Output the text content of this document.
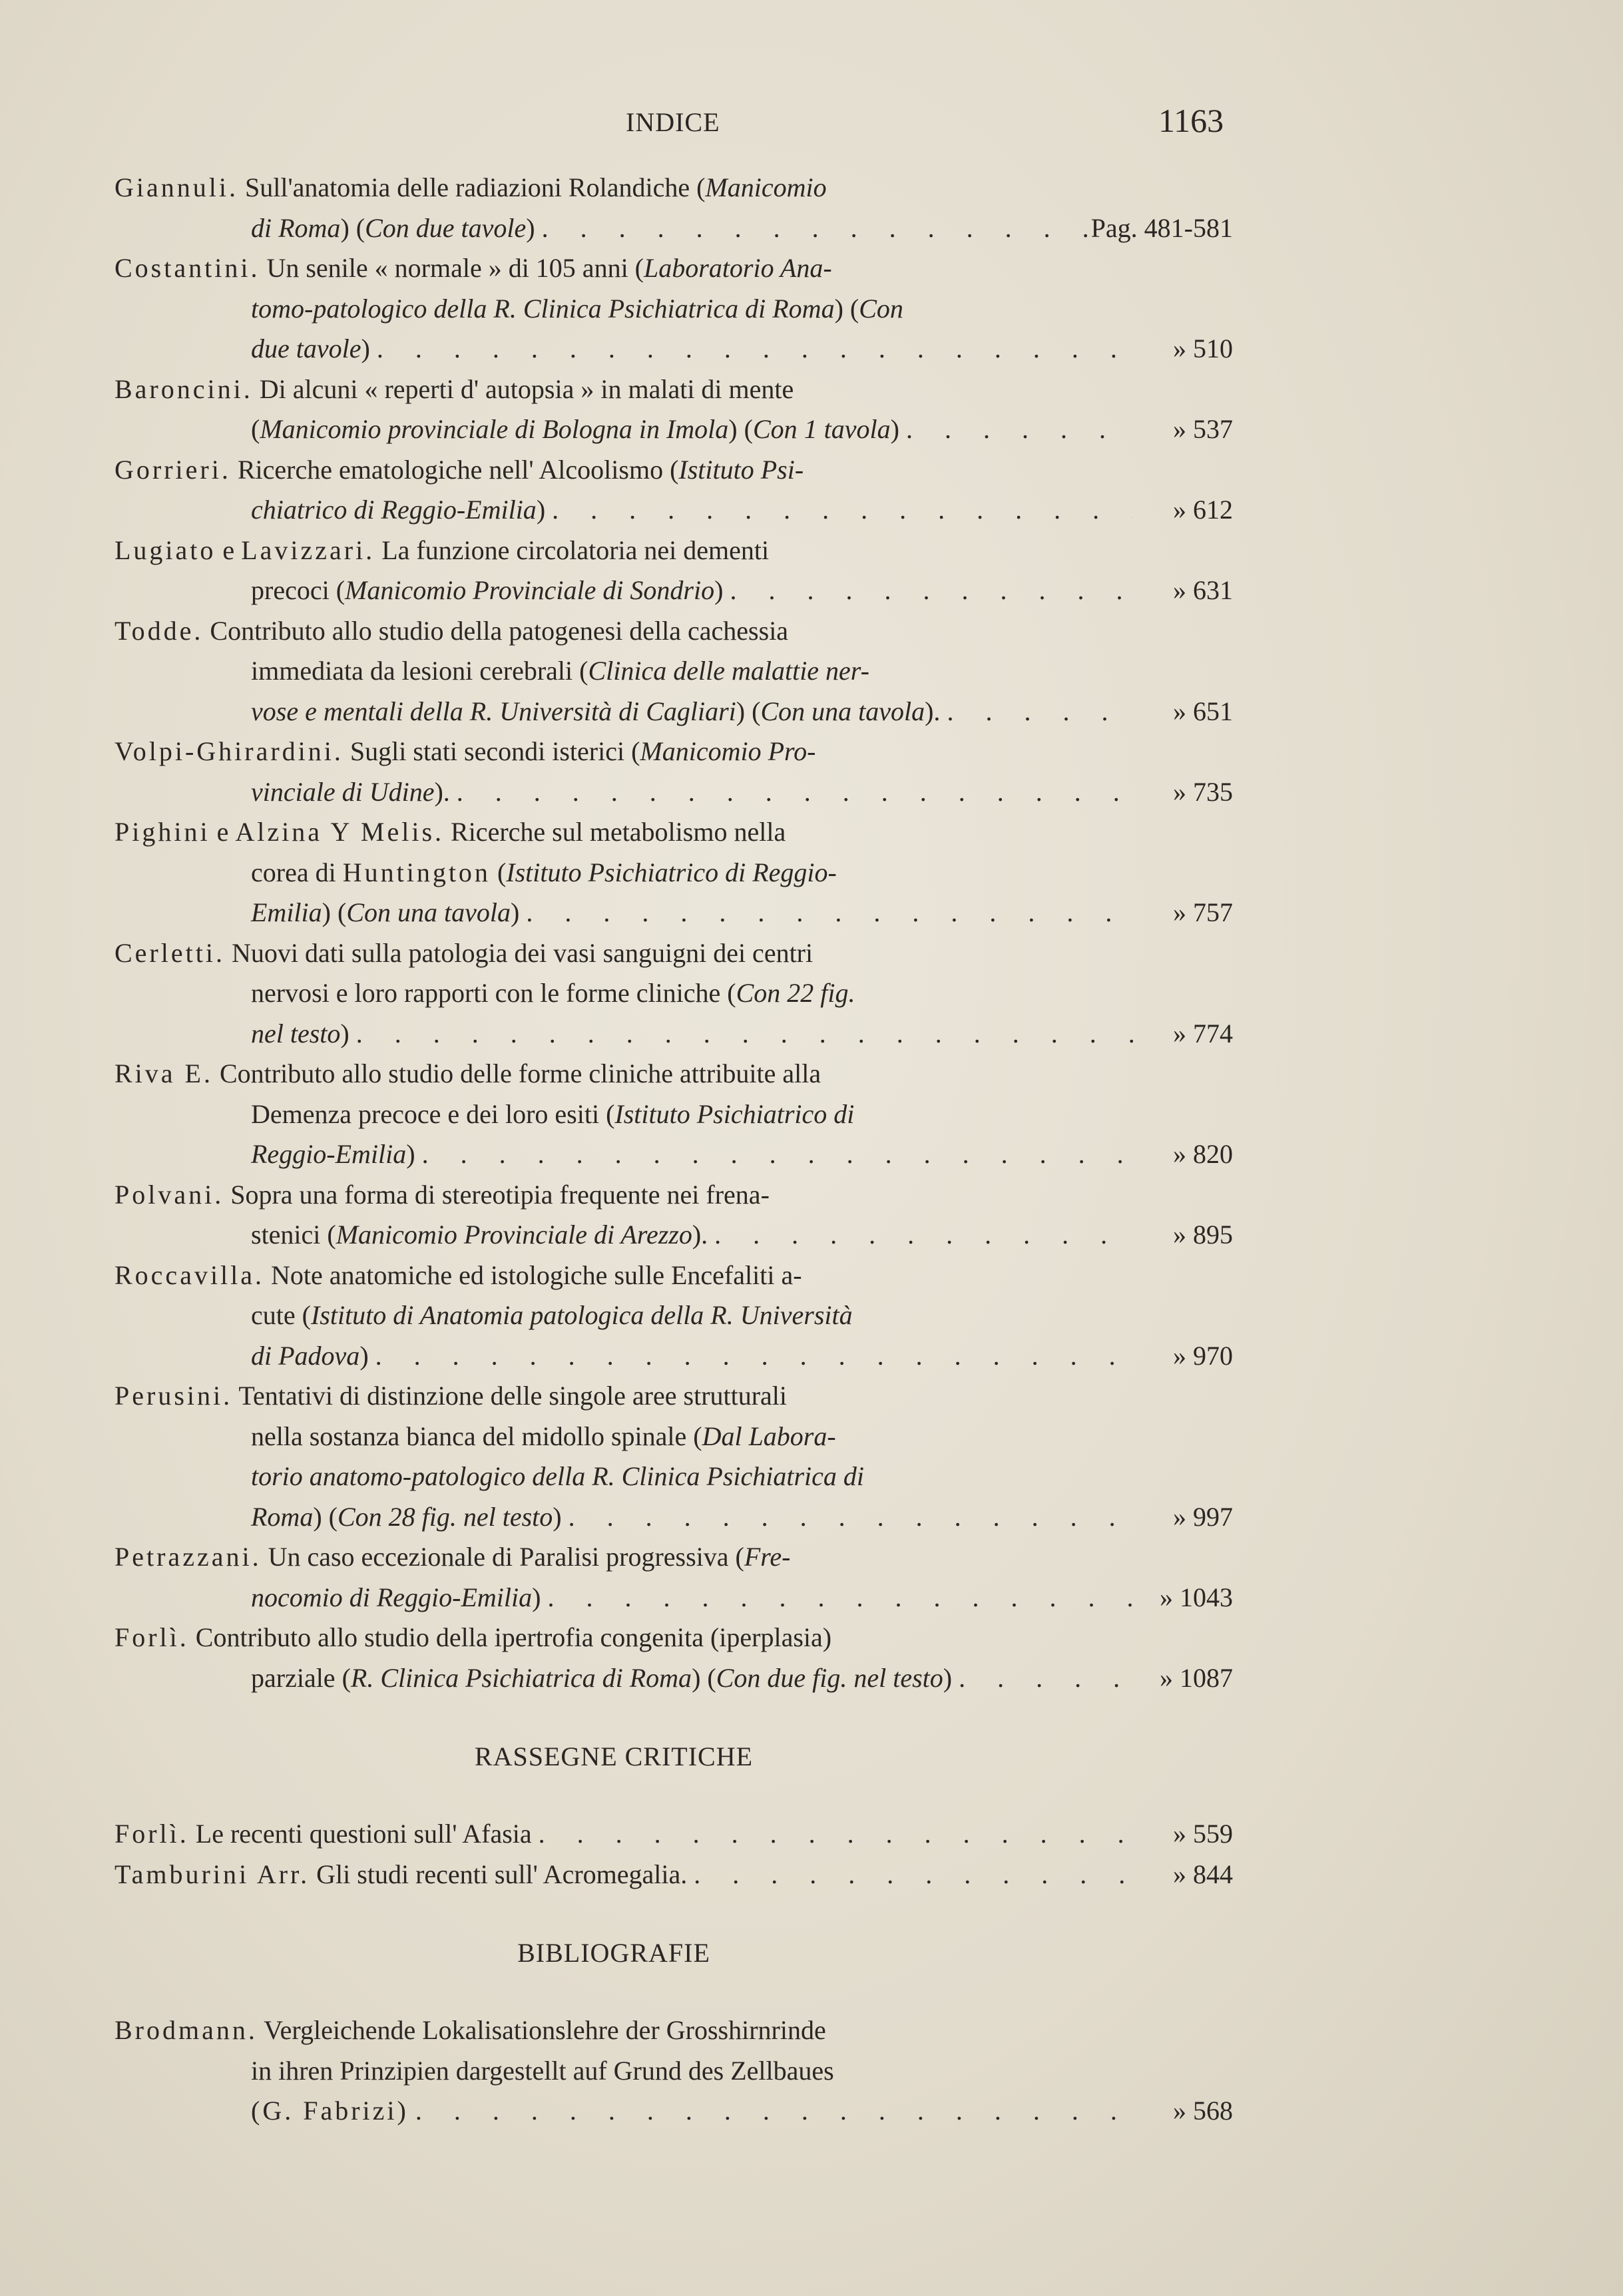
INDICE	1163
Giannuli. Sull'anatomia delle radiazioni Rolandiche (Manicomio
di Roma) (Con due tavole) . . .	Pag. 481-581
Costantini. Un senile « normale » di 105 anni (Laboratorio Ana-
tomo-patologico della R. Clinica Psichiatrica di Roma) (Con
due tavole) . . .	» 510
Baroncini. Di alcuni « reperti d' autopsia » in malati di mente
(Manicomio provinciale di Bologna in Imola) (Con 1 tavola) . . .	» 537
Gorrieri. Ricerche ematologiche nell' Alcoolismo (Istituto Psi-
chiatrico di Reggio-Emilia) . . .	» 612
Lugiato e Lavizzari. La funzione circolatoria nei dementi
precoci (Manicomio Provinciale di Sondrio) . . .	» 631
Todde. Contributo allo studio della patogenesi della cachessia
immediata da lesioni cerebrali (Clinica delle malattie ner-
vose e mentali della R. Università di Cagliari) (Con una tavola). . . .	» 651
Volpi-Ghirardini. Sugli stati secondi isterici (Manicomio Pro-
vinciale di Udine). . . .	» 735
Pighini e Alzina Y Melis. Ricerche sul metabolismo nella
corea di Huntington (Istituto Psichiatrico di Reggio-
Emilia) (Con una tavola) . . .	» 757
Cerletti. Nuovi dati sulla patologia dei vasi sanguigni dei centri
nervosi e loro rapporti con le forme cliniche (Con 22 fig.
nel testo) . . .	» 774
Riva E. Contributo allo studio delle forme cliniche attribuite alla
Demenza precoce e dei loro esiti (Istituto Psichiatrico di
Reggio-Emilia) . . .	» 820
Polvani. Sopra una forma di stereotipia frequente nei frena-
stenici (Manicomio Provinciale di Arezzo). . . .	» 895
Roccavilla. Note anatomiche ed istologiche sulle Encefaliti a-
cute (Istituto di Anatomia patologica della R. Università
di Padova) . . .	» 970
Perusini. Tentativi di distinzione delle singole aree strutturali
nella sostanza bianca del midollo spinale (Dal Labora-
torio anatomo-patologico della R. Clinica Psichiatrica di
Roma) (Con 28 fig. nel testo) . . .	» 997
Petrazzani. Un caso eccezionale di Paralisi progressiva (Fre-
nocomio di Reggio-Emilia) . . .	» 1043
Forlì. Contributo allo studio della ipertrofia congenita (iperplasia)
parziale (R. Clinica Psichiatrica di Roma) (Con due fig. nel testo) . . .	» 1087
RASSEGNE CRITICHE
Forlì. Le recenti questioni sull' Afasia . . .	» 559
Tamburini Arr. Gli studi recenti sull' Acromegalia. . . .	» 844
BIBLIOGRAFIE
Brodmann. Vergleichende Lokalisationslehre der Grosshirnrinde
in ihren Prinzipien dargestellt auf Grund des Zellbaues
(G. Fabrizi) . . .	» 568
